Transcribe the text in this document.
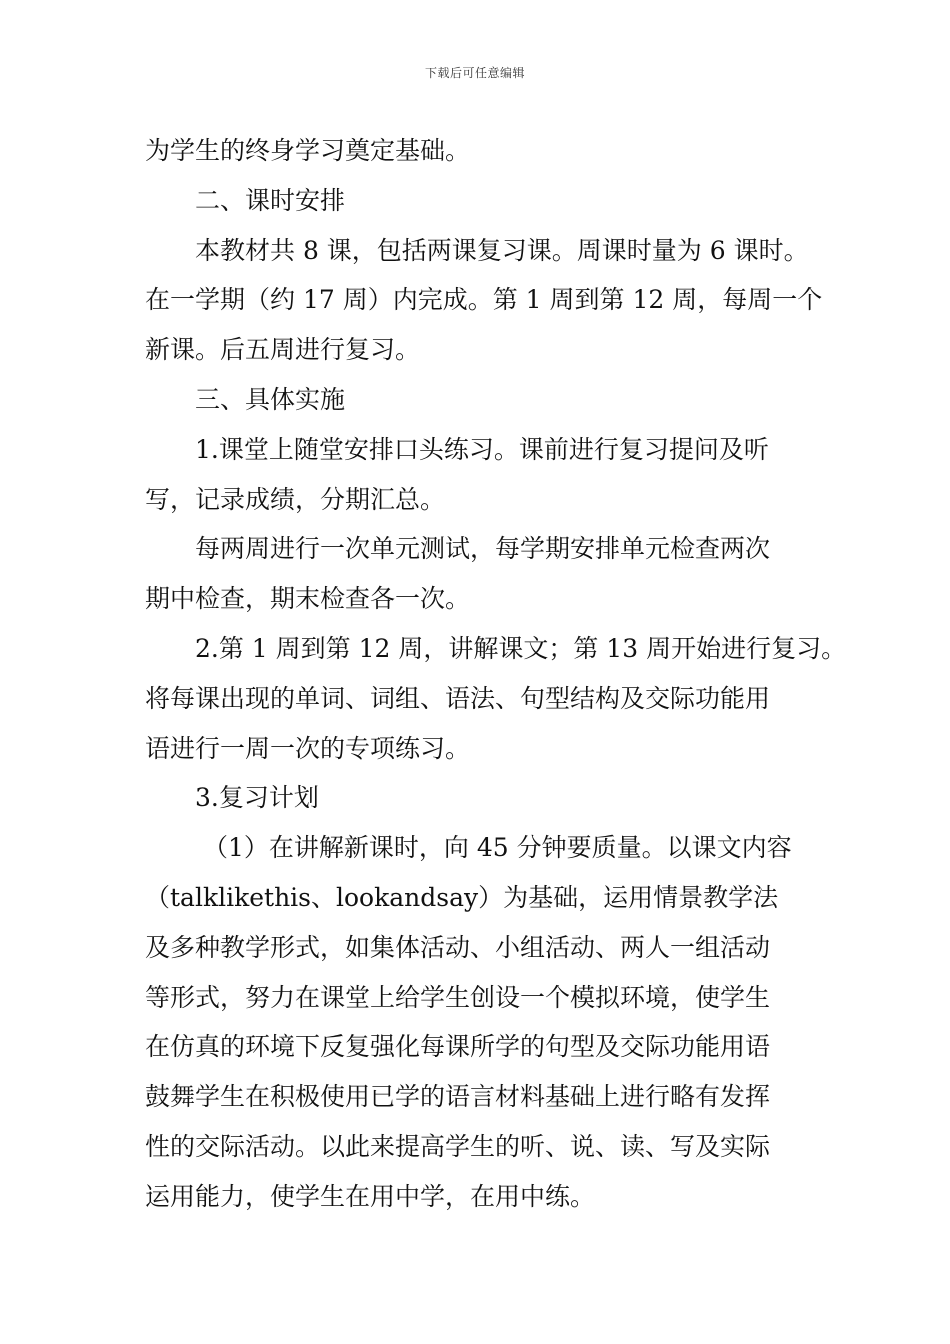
下载后可任意编辑
为学生的终身学习奠定基础。
二、课时安排
本教材共 8 课，包括两课复习课。周课时量为 6 课时。
在一学期（约 17 周）内完成。第 1 周到第 12 周，每周一个
新课。后五周进行复习。
三、具体实施
1.课堂上随堂安排口头练习。课前进行复习提问及听
写，记录成绩，分期汇总。
每两周进行一次单元测试，每学期安排单元检查两次
期中检查，期末检查各一次。
2.第 1 周到第 12 周，讲解课文；第 13 周开始进行复习。
将每课出现的单词、词组、语法、句型结构及交际功能用
语进行一周一次的专项练习。
3.复习计划
（1）在讲解新课时，向 45 分钟要质量。以课文内容
（talklikethis、lookandsay）为基础，运用情景教学法
及多种教学形式，如集体活动、小组活动、两人一组活动
等形式，努力在课堂上给学生创设一个模拟环境，使学生
在仿真的环境下反复强化每课所学的句型及交际功能用语
鼓舞学生在积极使用已学的语言材料基础上进行略有发挥
性的交际活动。以此来提高学生的听、说、读、写及实际
运用能力，使学生在用中学，在用中练。
